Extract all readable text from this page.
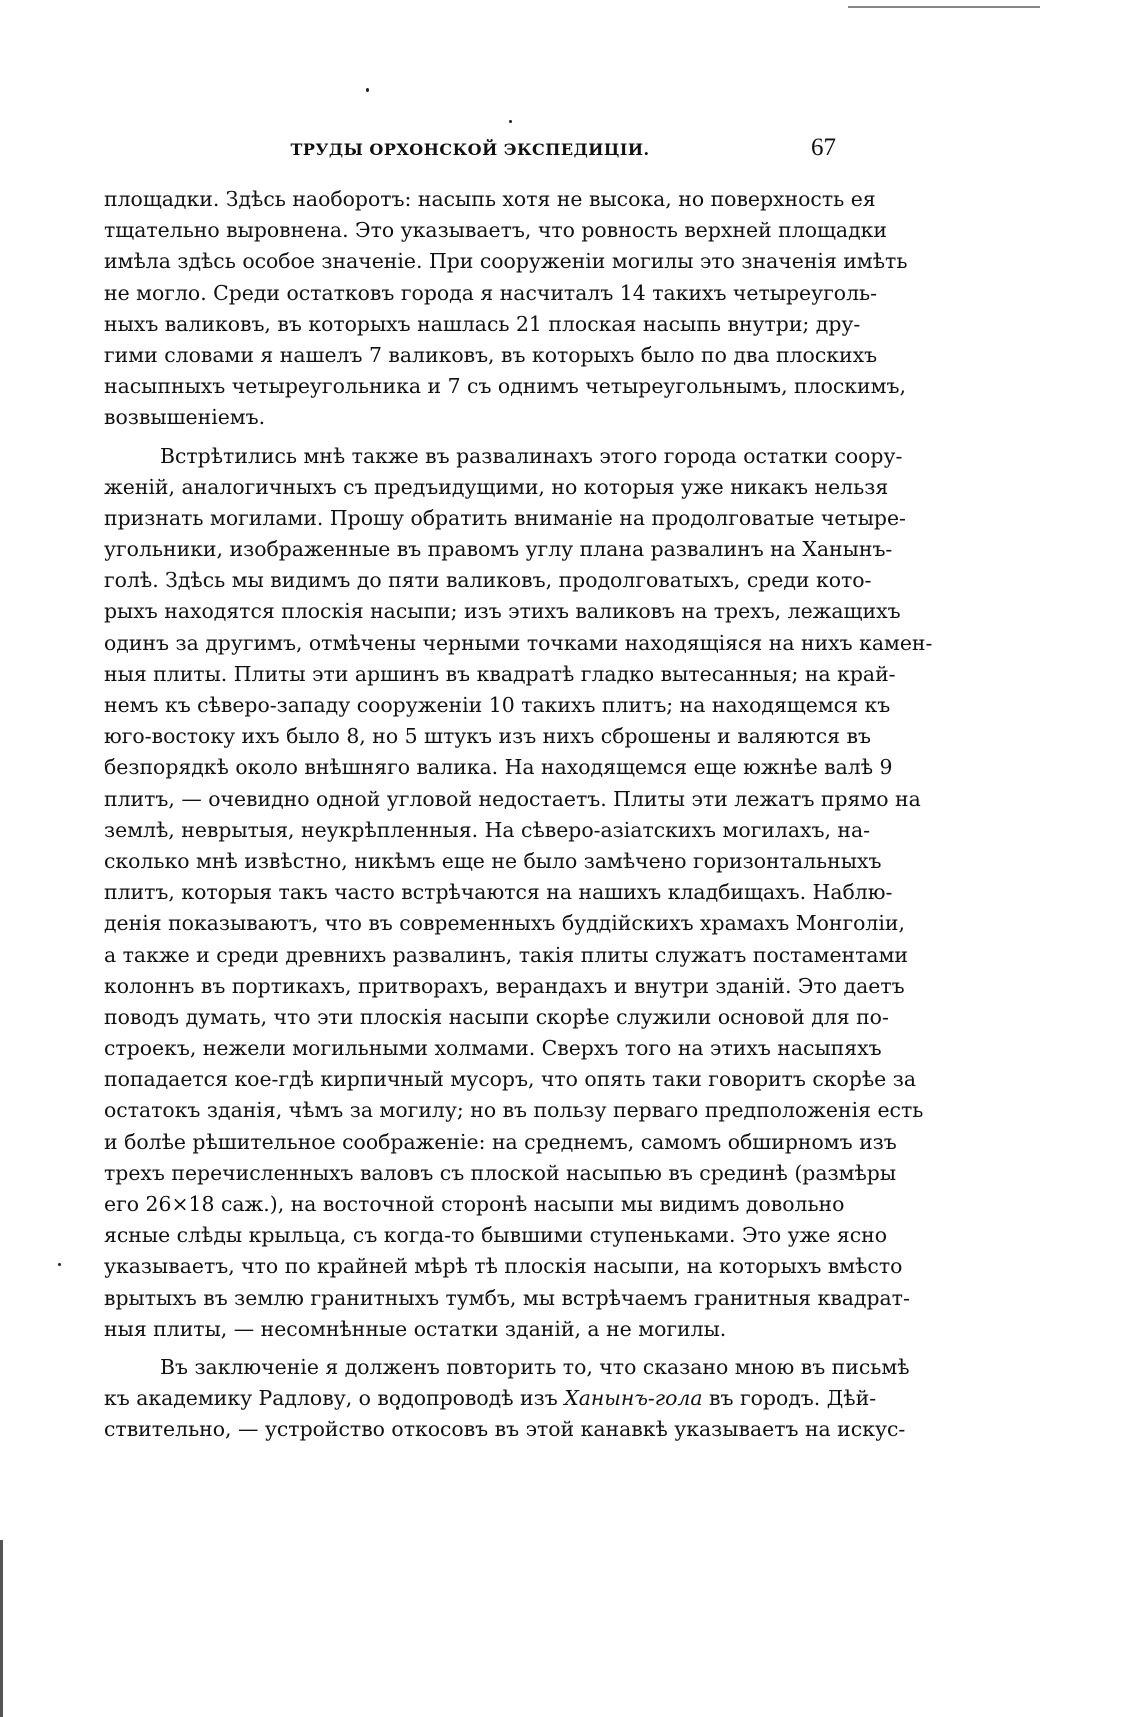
ТРУДЫ ОРХОНСКОЙ ЭКСПЕДИЦІИ.	67
площадки. Здѣсь наоборотъ: насыпь хотя не высока, но поверхность ея
тщательно выровнена. Это указываетъ, что ровность верхней площадки
имѣла здѣсь особое значеніе. При сооруженіи могилы это значенія имѣть
не могло. Среди остатковъ города я насчиталъ 14 такихъ четыреуголь-
ныхъ валиковъ, въ которыхъ нашлась 21 плоская насыпь внутри; дру-
гими словами я нашелъ 7 валиковъ, въ которыхъ было по два плоскихъ
насыпныхъ четыреугольника и 7 съ однимъ четыреугольнымъ, плоскимъ,
возвышеніемъ.
Встрѣтились мнѣ также въ развалинахъ этого города остатки соору-
женій, аналогичныхъ съ предъидущими, но которыя уже никакъ нельзя
признать могилами. Прошу обратить вниманіе на продолговатые четыре-
угольники, изображенные въ правомъ углу плана развалинъ на Ханынъ-
голѣ. Здѣсь мы видимъ до пяти валиковъ, продолговатыхъ, среди кото-
рыхъ находятся плоскія насыпи; изъ этихъ валиковъ на трехъ, лежащихъ
одинъ за другимъ, отмѣчены черными точками находящіяся на нихъ камен-
ныя плиты. Плиты эти аршинъ въ квадратѣ гладко вытесанныя; на край-
немъ къ сѣверо-западу сооруженіи 10 такихъ плитъ; на находящемся къ
юго-востоку ихъ было 8, но 5 штукъ изъ нихъ сброшены и валяются въ
безпорядкѣ около внѣшняго валика. На находящемся еще южнѣе валѣ 9
плитъ, — очевидно одной угловой недостаетъ. Плиты эти лежатъ прямо на
землѣ, неврытыя, неукрѣпленныя. На сѣверо-азіатскихъ могилахъ, на-
сколько мнѣ извѣстно, никѣмъ еще не было замѣчено горизонтальныхъ
плитъ, которыя такъ часто встрѣчаются на нашихъ кладбищахъ. Наблю-
денія показываютъ, что въ современныхъ буддійскихъ храмахъ Монголіи,
а также и среди древнихъ развалинъ, такія плиты служатъ постаментами
колоннъ въ портикахъ, притворахъ, верандахъ и внутри зданій. Это даетъ
поводъ думать, что эти плоскія насыпи скорѣе служили основой для по-
строекъ, нежели могильными холмами. Сверхъ того на этихъ насыпяхъ
попадается кое-гдѣ кирпичный мусоръ, что опять таки говоритъ скорѣе за
остатокъ зданія, чѣмъ за могилу; но въ пользу перваго предположенія есть
и болѣе рѣшительное соображеніе: на среднемъ, самомъ обширномъ изъ
трехъ перечисленныхъ валовъ съ плоской насыпью въ срединѣ (размѣры
его 26×18 саж.), на восточной сторонѣ насыпи мы видимъ довольно
ясные слѣды крыльца, съ когда-то бывшими ступеньками. Это уже ясно
указываетъ, что по крайней мѣрѣ тѣ плоскія насыпи, на которыхъ вмѣсто
врытыхъ въ землю гранитныхъ тумбъ, мы встрѣчаемъ гранитныя квадрат-
ныя плиты, — несомнѣнные остатки зданій, а не могилы.
Въ заключеніе я долженъ повторить то, что сказано мною въ письмѣ
къ академику Радлову, о водопроводѣ изъ Ханынъ-гола въ городъ. Дѣй-
ствительно, — устройство откосовъ въ этой канавкѣ указываетъ на искус-
